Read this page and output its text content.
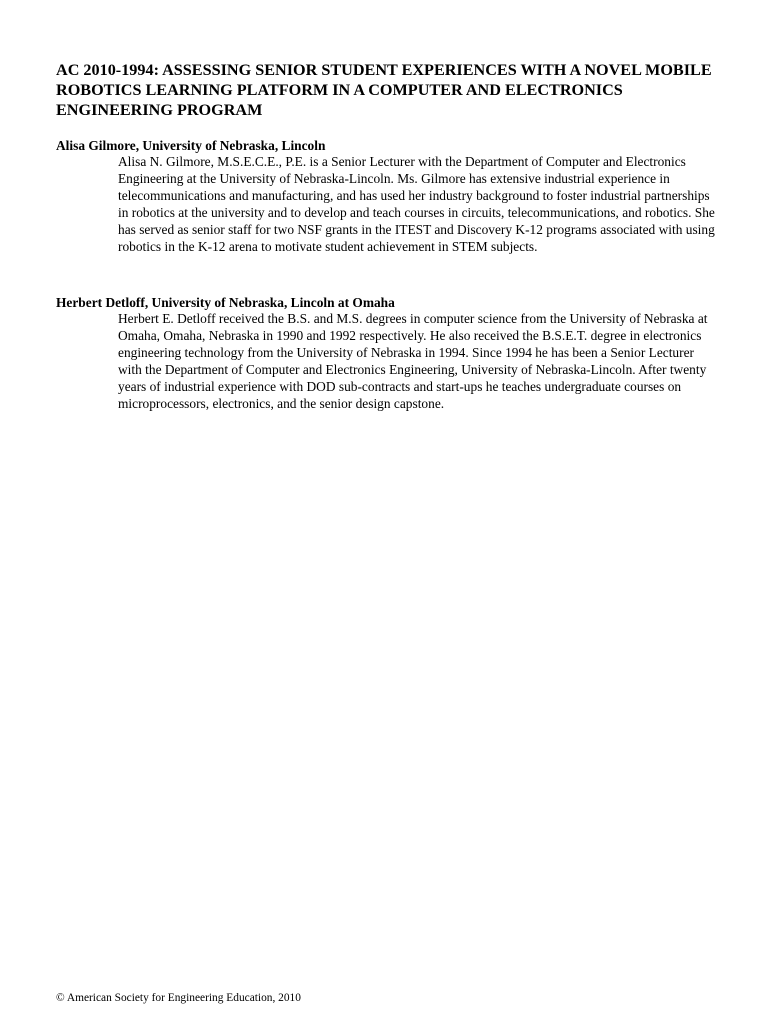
AC 2010-1994: ASSESSING SENIOR STUDENT EXPERIENCES WITH A NOVEL MOBILE ROBOTICS LEARNING PLATFORM IN A COMPUTER AND ELECTRONICS ENGINEERING PROGRAM

Alisa Gilmore, University of Nebraska, Lincoln

Alisa N. Gilmore, M.S.E.C.E., P.E. is a Senior Lecturer with the Department of Computer and Electronics Engineering at the University of Nebraska-Lincoln. Ms. Gilmore has extensive industrial experience in telecommunications and manufacturing, and has used her industry background to foster industrial partnerships in robotics at the university and to develop and teach courses in circuits, telecommunications, and robotics. She has served as senior staff for two NSF grants in the ITEST and Discovery K-12 programs associated with using robotics in the K-12 arena to motivate student achievement in STEM subjects.

Herbert Detloff, University of Nebraska, Lincoln at Omaha

Herbert E. Detloff received the B.S. and M.S. degrees in computer science from the University of Nebraska at Omaha, Omaha, Nebraska in 1990 and 1992 respectively. He also received the B.S.E.T. degree in electronics engineering technology from the University of Nebraska in 1994. Since 1994 he has been a Senior Lecturer with the Department of Computer and Electronics Engineering, University of Nebraska-Lincoln. After twenty years of industrial experience with DOD sub-contracts and start-ups he teaches undergraduate courses on microprocessors, electronics, and the senior design capstone.

© American Society for Engineering Education, 2010
